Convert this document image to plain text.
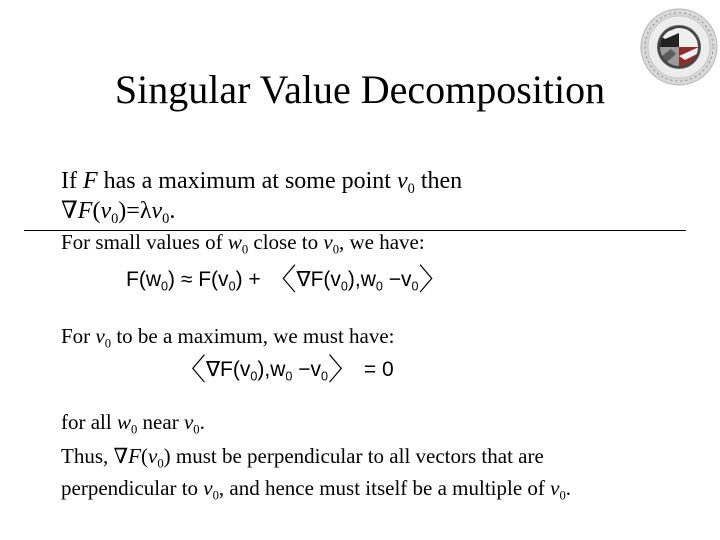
Singular Value Decomposition
If F has a maximum at some point $v_0$ then
$\nabla F(v_0)=\lambda v_0$.
For small values of $w_0$ close to $v_0$, we have:
$F(w_0) \approx F(v_0)$ + 〈$\nabla F(v_0),w_0 -v_0$〉
For $v_0$ to be a maximum, we must have:
〈$\nabla F(v_0),w_0 -v_0$〉 = 0
for all $w_0$ near $v_0$.
Thus, $\nabla F(v_0)$ must be perpendicular to all vectors that are
perpendicular to $v_0$, and hence must itself be a multiple of $v_0$.
